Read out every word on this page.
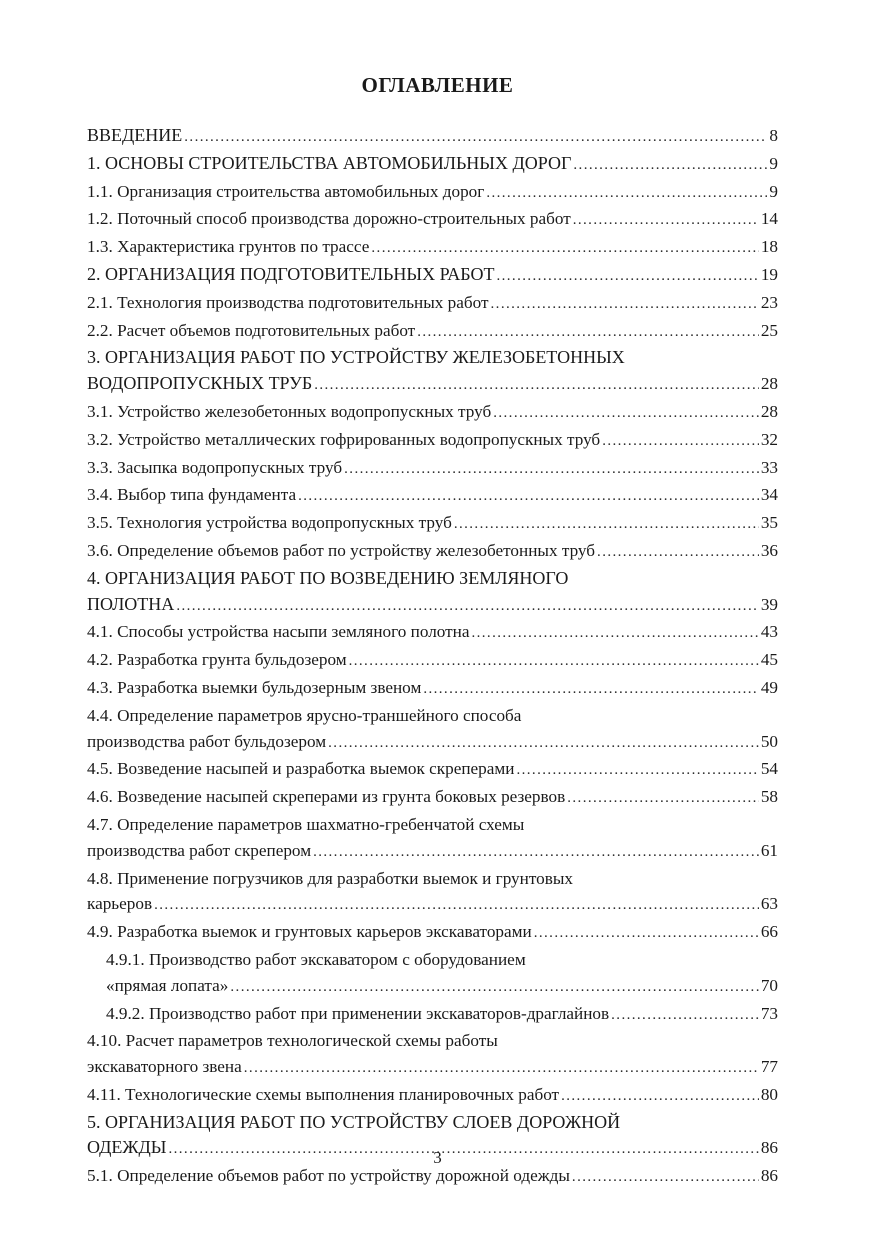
ОГЛАВЛЕНИЕ
ВВЕДЕНИЕ .....	8
1. ОСНОВЫ СТРОИТЕЛЬСТВА АВТОМОБИЛЬНЫХ ДОРОГ .....	9
1.1. Организация строительства автомобильных дорог .....	9
1.2. Поточный способ производства дорожно-строительных работ .....	14
1.3. Характеристика грунтов по трассе .....	18
2. ОРГАНИЗАЦИЯ ПОДГОТОВИТЕЛЬНЫХ РАБОТ .....	19
2.1. Технология производства подготовительных работ .....	23
2.2. Расчет объемов подготовительных работ .....	25
3. ОРГАНИЗАЦИЯ РАБОТ ПО УСТРОЙСТВУ ЖЕЛЕЗОБЕТОННЫХ
ВОДОПРОПУСКНЫХ ТРУБ .....	28
3.1. Устройство железобетонных водопропускных труб .....	28
3.2. Устройство металлических гофрированных водопропускных труб .....	32
3.3. Засыпка водопропускных труб .....	33
3.4. Выбор типа фундамента .....	34
3.5. Технология устройства водопропускных труб .....	35
3.6. Определение объемов работ по устройству железобетонных труб .....	36
4. ОРГАНИЗАЦИЯ РАБОТ ПО ВОЗВЕДЕНИЮ ЗЕМЛЯНОГО
ПОЛОТНА .....	39
4.1. Способы устройства насыпи земляного полотна .....	43
4.2. Разработка грунта бульдозером .....	45
4.3. Разработка выемки бульдозерным звеном .....	49
4.4. Определение параметров ярусно-траншейного способа
производства работ бульдозером .....	50
4.5. Возведение насыпей и разработка выемок скреперами .....	54
4.6. Возведение насыпей скреперами из грунта боковых резервов .....	58
4.7. Определение параметров шахматно-гребенчатой схемы
производства работ скрепером .....	61
4.8. Применение погрузчиков для разработки выемок и грунтовых
карьеров .....	63
4.9. Разработка выемок и грунтовых карьеров экскаваторами .....	66
4.9.1. Производство работ экскаватором с оборудованием
«прямая лопата» .....	70
4.9.2. Производство работ при применении экскаваторов-драглайнов .....	73
4.10. Расчет параметров технологической схемы работы
экскаваторного звена .....	77
4.11. Технологические схемы выполнения планировочных работ .....	80
5. ОРГАНИЗАЦИЯ РАБОТ ПО УСТРОЙСТВУ СЛОЕВ ДОРОЖНОЙ
ОДЕЖДЫ .....	86
5.1. Определение объемов работ по устройству дорожной одежды .....	86

3
